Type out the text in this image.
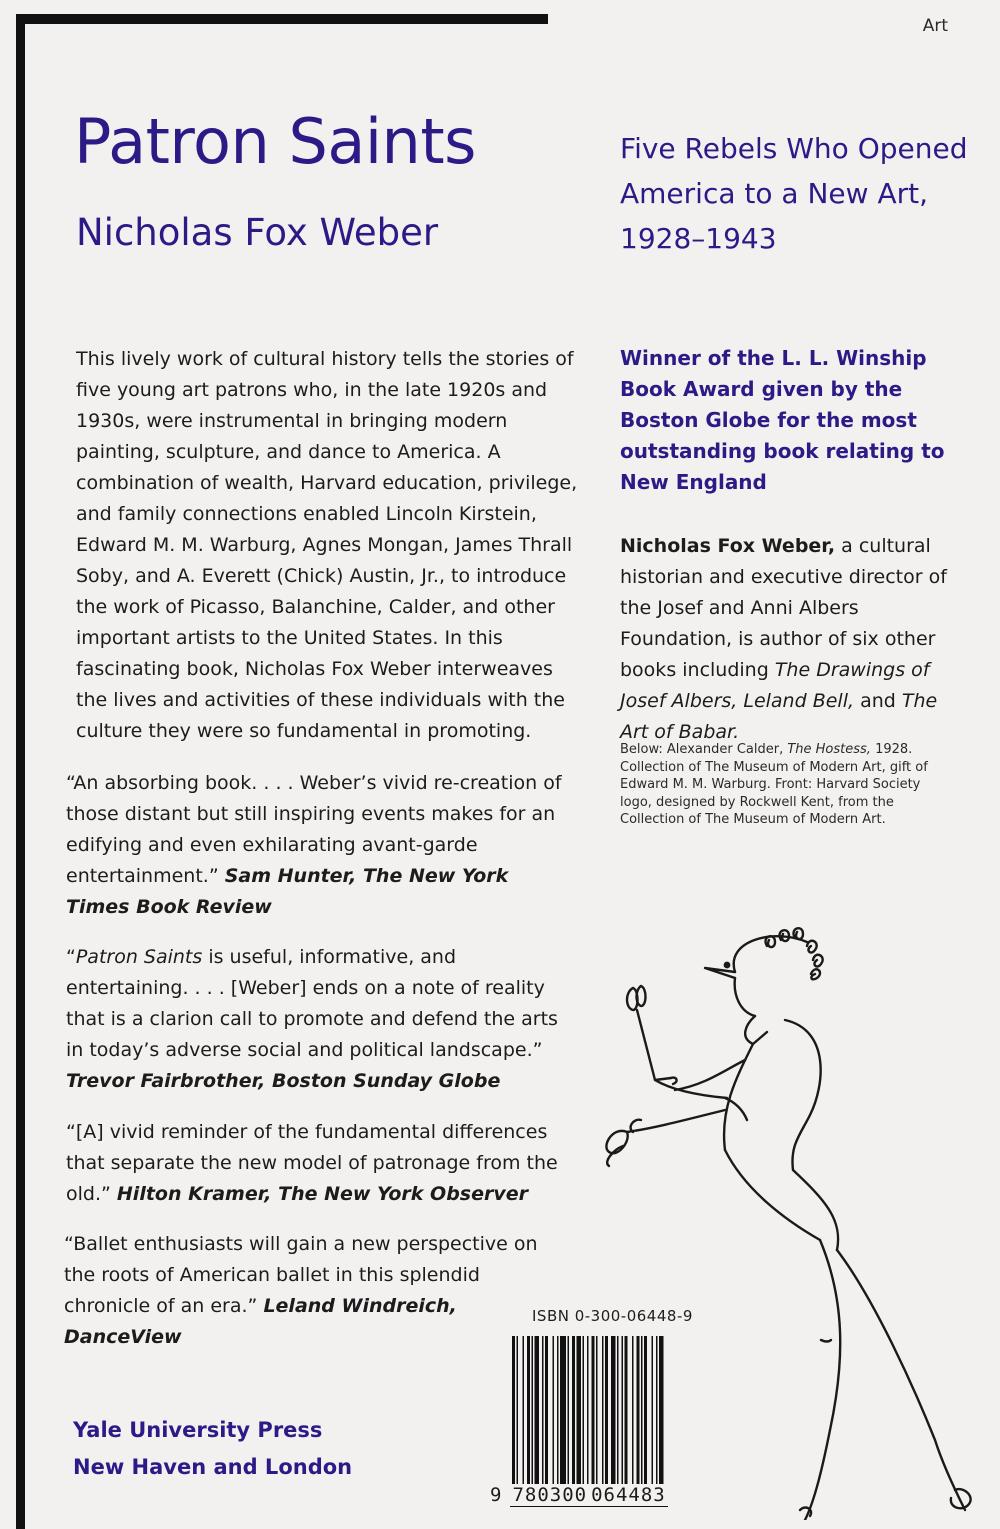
Art
Patron Saints
Nicholas Fox Weber
Five Rebels Who Opened America to a New Art, 1928–1943

This lively work of cultural history tells the stories of five young art patrons who, in the late 1920s and 1930s, were instrumental in bringing modern painting, sculpture, and dance to America. A combination of wealth, Harvard education, privilege, and family connections enabled Lincoln Kirstein, Edward M. M. Warburg, Agnes Mongan, James Thrall Soby, and A. Everett (Chick) Austin, Jr., to introduce the work of Picasso, Balanchine, Calder, and other important artists to the United States. In this fascinating book, Nicholas Fox Weber interweaves the lives and activities of these individuals with the culture they were so fundamental in promoting.

“An absorbing book. . . . Weber’s vivid re-creation of those distant but still inspiring events makes for an edifying and even exhilarating avant-garde entertainment.” Sam Hunter, The New York Times Book Review
“Patron Saints is useful, informative, and entertaining. . . . [Weber] ends on a note of reality that is a clarion call to promote and defend the arts in today’s adverse social and political landscape.” Trevor Fairbrother, Boston Sunday Globe
“[A] vivid reminder of the fundamental differences that separate the new model of patronage from the old.” Hilton Kramer, The New York Observer
“Ballet enthusiasts will gain a new perspective on the roots of American ballet in this splendid chronicle of an era.” Leland Windreich, DanceView
Winner of the L. L. Winship Book Award given by the Boston Globe for the most outstanding book relating to New England
Nicholas Fox Weber, a cultural historian and executive director of the Josef and Anni Albers Foundation, is author of six other books including The Drawings of Josef Albers, Leland Bell, and The Art of Babar.
Below: Alexander Calder, The Hostess, 1928. Collection of The Museum of Modern Art, gift of Edward M. M. Warburg. Front: Harvard Society logo, designed by Rockwell Kent, from the Collection of The Museum of Modern Art.
ISBN 0-300-06448-9
9 780300 064483
Yale University Press
New Haven and London
